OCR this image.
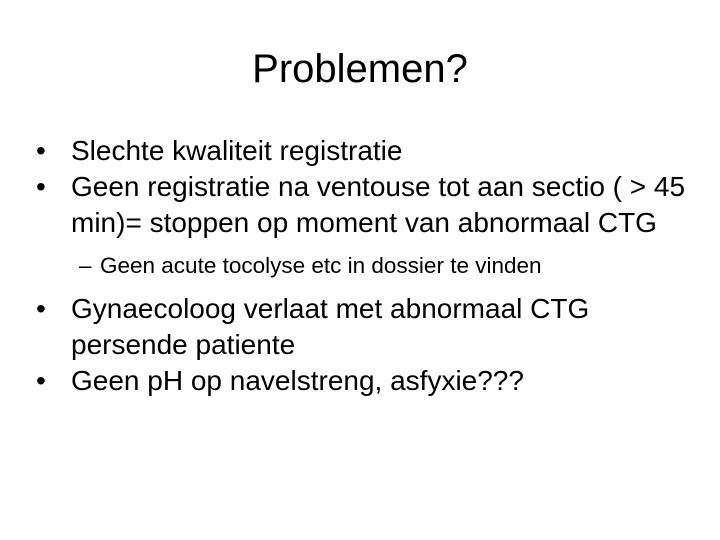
Problemen?
• Slechte kwaliteit registratie
• Geen registratie na ventouse tot aan sectio ( > 45 min)= stoppen op moment van abnormaal CTG
– Geen acute tocolyse etc in dossier te vinden
• Gynaecoloog verlaat met abnormaal CTG persende patiente
• Geen pH op navelstreng, asfyxie???
